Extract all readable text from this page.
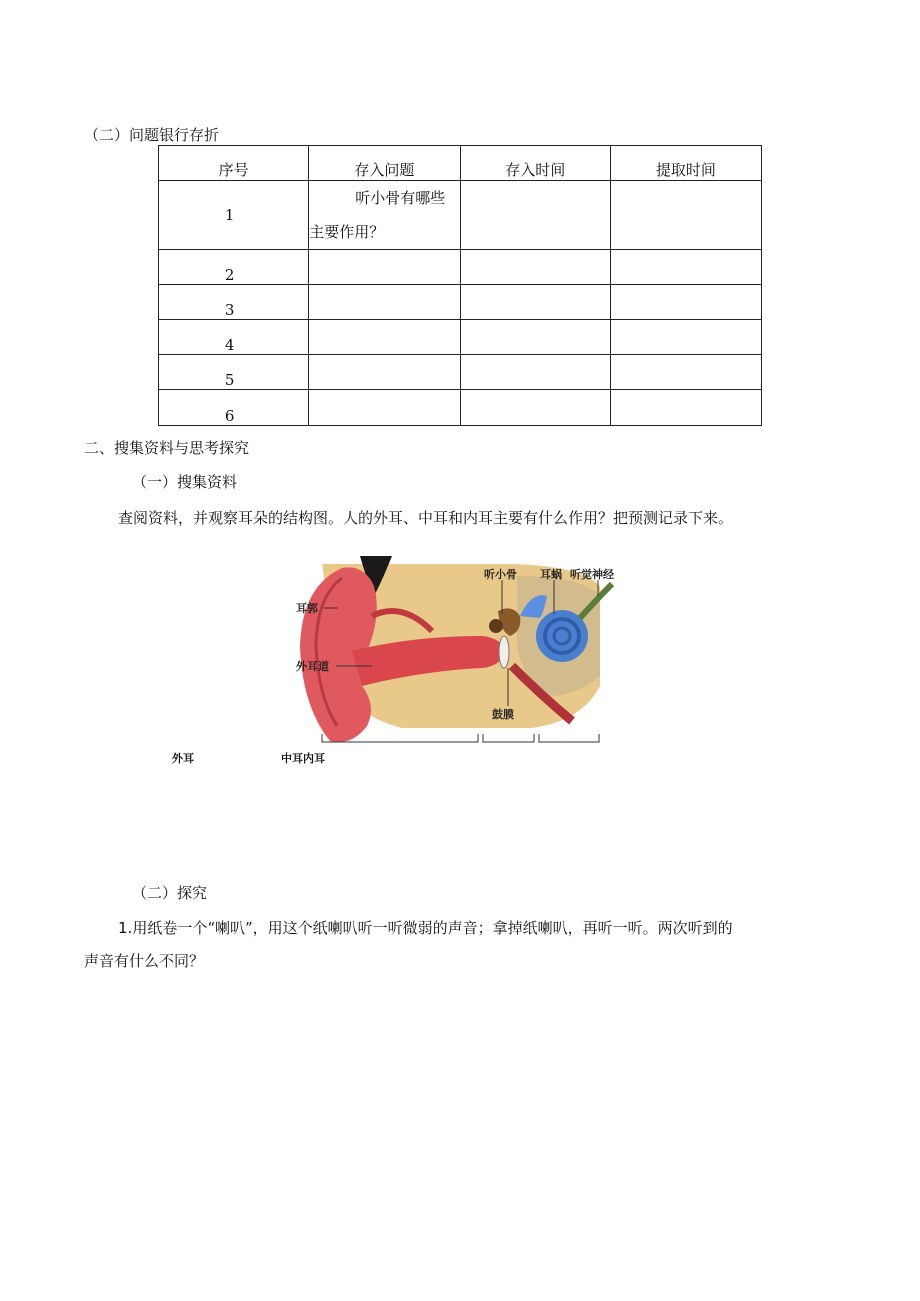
（二）问题银行存折
序号	存入问题	存入时间	提取时间
1	听小骨有哪些
主要作用？		
2			
3			
4			
5			
6			
二、搜集资料与思考探究
（一）搜集资料
查阅资料，并观察耳朵的结构图。人的外耳、中耳和内耳主要有什么作用？把预测记录下来。
耳郭
外耳道
听小骨 耳蜗 听觉神经
鼓膜
外耳	中耳内耳
（二）探究
1.用纸卷一个“喇叭”，用这个纸喇叭听一听微弱的声音；拿掉纸喇叭，再听一听。两次听到的
声音有什么不同？
